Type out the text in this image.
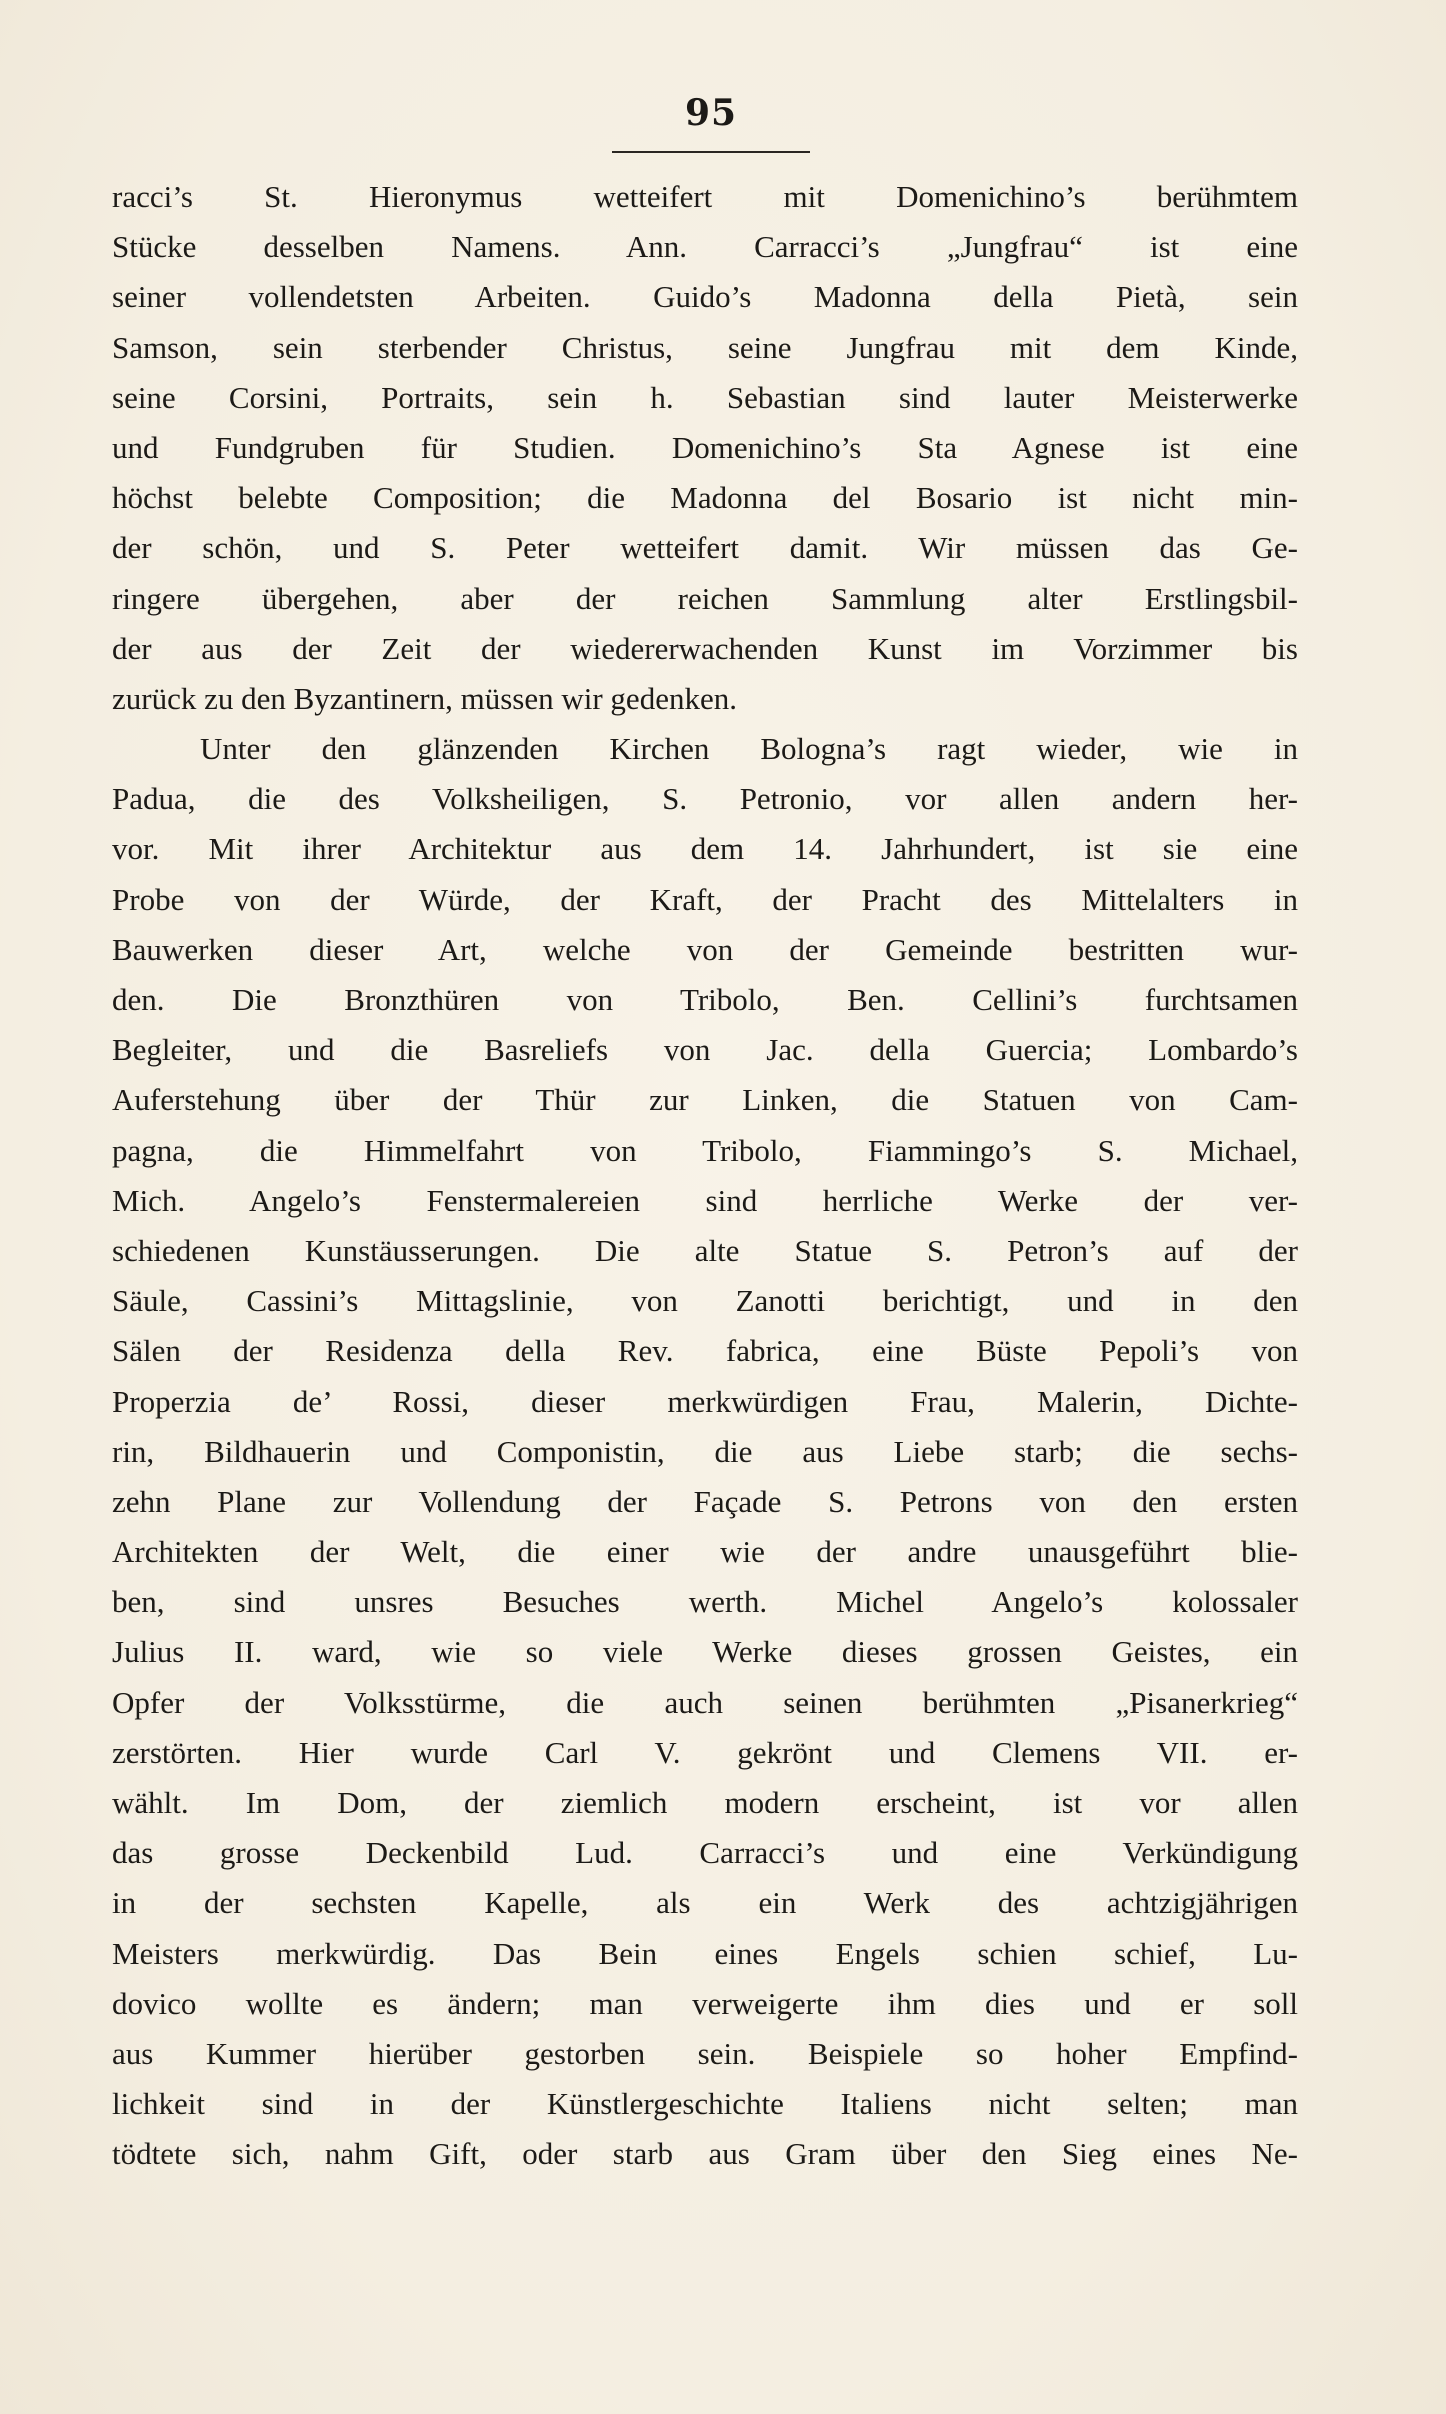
95
racci’s St. Hieronymus wetteifert mit Domenichino’s berühmtem
Stücke desselben Namens. Ann. Carracci’s „Jungfrau“ ist eine
seiner vollendetsten Arbeiten. Guido’s Madonna della Pietà, sein
Samson, sein sterbender Christus, seine Jungfrau mit dem Kinde,
seine Corsini, Portraits, sein h. Sebastian sind lauter Meisterwerke
und Fundgruben für Studien. Domenichino’s Sta Agnese ist eine
höchst belebte Composition; die Madonna del Bosario ist nicht min-
der schön, und S. Peter wetteifert damit. Wir müssen das Ge-
ringere übergehen, aber der reichen Sammlung alter Erstlingsbil-
der aus der Zeit der wiedererwachenden Kunst im Vorzimmer bis
zurück zu den Byzantinern, müssen wir gedenken.
Unter den glänzenden Kirchen Bologna’s ragt wieder, wie in
Padua, die des Volksheiligen, S. Petronio, vor allen andern her-
vor. Mit ihrer Architektur aus dem 14. Jahrhundert, ist sie eine
Probe von der Würde, der Kraft, der Pracht des Mittelalters in
Bauwerken dieser Art, welche von der Gemeinde bestritten wur-
den. Die Bronzthüren von Tribolo, Ben. Cellini’s furchtsamen
Begleiter, und die Basreliefs von Jac. della Guercia; Lombardo’s
Auferstehung über der Thür zur Linken, die Statuen von Cam-
pagna, die Himmelfahrt von Tribolo, Fiammingo’s S. Michael,
Mich. Angelo’s Fenstermalereien sind herrliche Werke der ver-
schiedenen Kunstäusserungen. Die alte Statue S. Petron’s auf der
Säule, Cassini’s Mittagslinie, von Zanotti berichtigt, und in den
Sälen der Residenza della Rev. fabrica, eine Büste Pepoli’s von
Properzia de’ Rossi, dieser merkwürdigen Frau, Malerin, Dichte-
rin, Bildhauerin und Componistin, die aus Liebe starb; die sechs-
zehn Plane zur Vollendung der Façade S. Petrons von den ersten
Architekten der Welt, die einer wie der andre unausgeführt blie-
ben, sind unsres Besuches werth. Michel Angelo’s kolossaler
Julius II. ward, wie so viele Werke dieses grossen Geistes, ein
Opfer der Volksstürme, die auch seinen berühmten „Pisanerkrieg“
zerstörten. Hier wurde Carl V. gekrönt und Clemens VII. er-
wählt. Im Dom, der ziemlich modern erscheint, ist vor allen
das grosse Deckenbild Lud. Carracci’s und eine Verkündigung
in der sechsten Kapelle, als ein Werk des achtzigjährigen
Meisters merkwürdig. Das Bein eines Engels schien schief, Lu-
dovico wollte es ändern; man verweigerte ihm dies und er soll
aus Kummer hierüber gestorben sein. Beispiele so hoher Empfind-
lichkeit sind in der Künstlergeschichte Italiens nicht selten; man
tödtete sich, nahm Gift, oder starb aus Gram über den Sieg eines Ne-
